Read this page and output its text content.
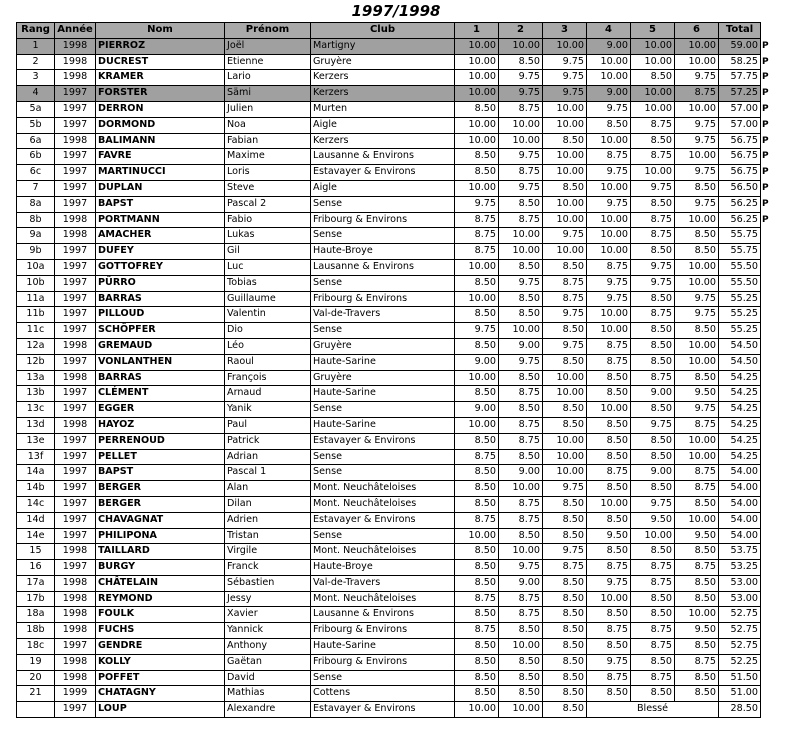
1997/1998
Rang	Année	Nom	Prénom	Club	1	2	3	4	5	6	Total	
1	1998	PIERROZ	Joël	Martigny	10.00	10.00	10.00	9.00	10.00	10.00	59.00	P
2	1998	DUCREST	Etienne	Gruyère	10.00	8.50	9.75	10.00	10.00	10.00	58.25	P
3	1998	KRAMER	Lario	Kerzers	10.00	9.75	9.75	10.00	8.50	9.75	57.75	P
4	1997	FORSTER	Sämi	Kerzers	10.00	9.75	9.75	9.00	10.00	8.75	57.25	P
5a	1997	DERRON	Julien	Murten	8.50	8.75	10.00	9.75	10.00	10.00	57.00	P
5b	1997	DORMOND	Noa	Aigle	10.00	10.00	10.00	8.50	8.75	9.75	57.00	P
6a	1998	BALIMANN	Fabian	Kerzers	10.00	10.00	8.50	10.00	8.50	9.75	56.75	P
6b	1997	FAVRE	Maxime	Lausanne & Environs	8.50	9.75	10.00	8.75	8.75	10.00	56.75	P
6c	1997	MARTINUCCI	Loris	Estavayer & Environs	8.50	8.75	10.00	9.75	10.00	9.75	56.75	P
7	1997	DUPLAN	Steve	Aigle	10.00	9.75	8.50	10.00	9.75	8.50	56.50	P
8a	1997	BAPST	Pascal 2	Sense	9.75	8.50	10.00	9.75	8.50	9.75	56.25	P
8b	1998	PORTMANN	Fabio	Fribourg & Environs	8.75	8.75	10.00	10.00	8.75	10.00	56.25	P
9a	1998	AMACHER	Lukas	Sense	8.75	10.00	9.75	10.00	8.75	8.50	55.75	
9b	1997	DUFEY	Gil	Haute-Broye	8.75	10.00	10.00	10.00	8.50	8.50	55.75	
10a	1997	GOTTOFREY	Luc	Lausanne & Environs	10.00	8.50	8.50	8.75	9.75	10.00	55.50	
10b	1997	PÜRRO	Tobias	Sense	8.50	9.75	8.75	9.75	9.75	10.00	55.50	
11a	1997	BARRAS	Guillaume	Fribourg & Environs	10.00	8.50	8.75	9.75	8.50	9.75	55.25	
11b	1997	PILLOUD	Valentin	Val-de-Travers	8.50	8.50	9.75	10.00	8.75	9.75	55.25	
11c	1997	SCHÖPFER	Dio	Sense	9.75	10.00	8.50	10.00	8.50	8.50	55.25	
12a	1998	GREMAUD	Léo	Gruyère	8.50	9.00	9.75	8.75	8.50	10.00	54.50	
12b	1997	VONLANTHEN	Raoul	Haute-Sarine	9.00	9.75	8.50	8.75	8.50	10.00	54.50	
13a	1998	BARRAS	François	Gruyère	10.00	8.50	10.00	8.50	8.75	8.50	54.25	
13b	1997	CLÉMENT	Arnaud	Haute-Sarine	8.50	8.75	10.00	8.50	9.00	9.50	54.25	
13c	1997	EGGER	Yanik	Sense	9.00	8.50	8.50	10.00	8.50	9.75	54.25	
13d	1998	HAYOZ	Paul	Haute-Sarine	10.00	8.75	8.50	8.50	9.75	8.75	54.25	
13e	1997	PERRENOUD	Patrick	Estavayer & Environs	8.50	8.75	10.00	8.50	8.50	10.00	54.25	
13f	1997	PELLET	Adrian	Sense	8.75	8.50	10.00	8.50	8.50	10.00	54.25	
14a	1997	BAPST	Pascal 1	Sense	8.50	9.00	10.00	8.75	9.00	8.75	54.00	
14b	1997	BERGER	Alan	Mont. Neuchâteloises	8.50	10.00	9.75	8.50	8.50	8.75	54.00	
14c	1997	BERGER	Dilan	Mont. Neuchâteloises	8.50	8.75	8.50	10.00	9.75	8.50	54.00	
14d	1997	CHAVAGNAT	Adrien	Estavayer & Environs	8.75	8.75	8.50	8.50	9.50	10.00	54.00	
14e	1997	PHILIPONA	Tristan	Sense	10.00	8.50	8.50	9.50	10.00	9.50	54.00	
15	1998	TAILLARD	Virgile	Mont. Neuchâteloises	8.50	10.00	9.75	8.50	8.50	8.50	53.75	
16	1997	BURGY	Franck	Haute-Broye	8.50	9.75	8.75	8.75	8.75	8.75	53.25	
17a	1998	CHÂTELAIN	Sébastien	Val-de-Travers	8.50	9.00	8.50	9.75	8.75	8.50	53.00	
17b	1998	REYMOND	Jessy	Mont. Neuchâteloises	8.75	8.75	8.50	10.00	8.50	8.50	53.00	
18a	1998	FOULK	Xavier	Lausanne & Environs	8.50	8.75	8.50	8.50	8.50	10.00	52.75	
18b	1998	FUCHS	Yannick	Fribourg & Environs	8.75	8.50	8.50	8.75	8.75	9.50	52.75	
18c	1997	GENDRE	Anthony	Haute-Sarine	8.50	10.00	8.50	8.50	8.75	8.50	52.75	
19	1998	KOLLY	Gaëtan	Fribourg & Environs	8.50	8.50	8.50	9.75	8.50	8.75	52.25	
20	1998	POFFET	David	Sense	8.50	8.50	8.50	8.75	8.75	8.50	51.50	
21	1999	CHATAGNY	Mathias	Cottens	8.50	8.50	8.50	8.50	8.50	8.50	51.00	
	1997	LOUP	Alexandre	Estavayer & Environs	10.00	10.00	8.50	Blessé			28.50	
